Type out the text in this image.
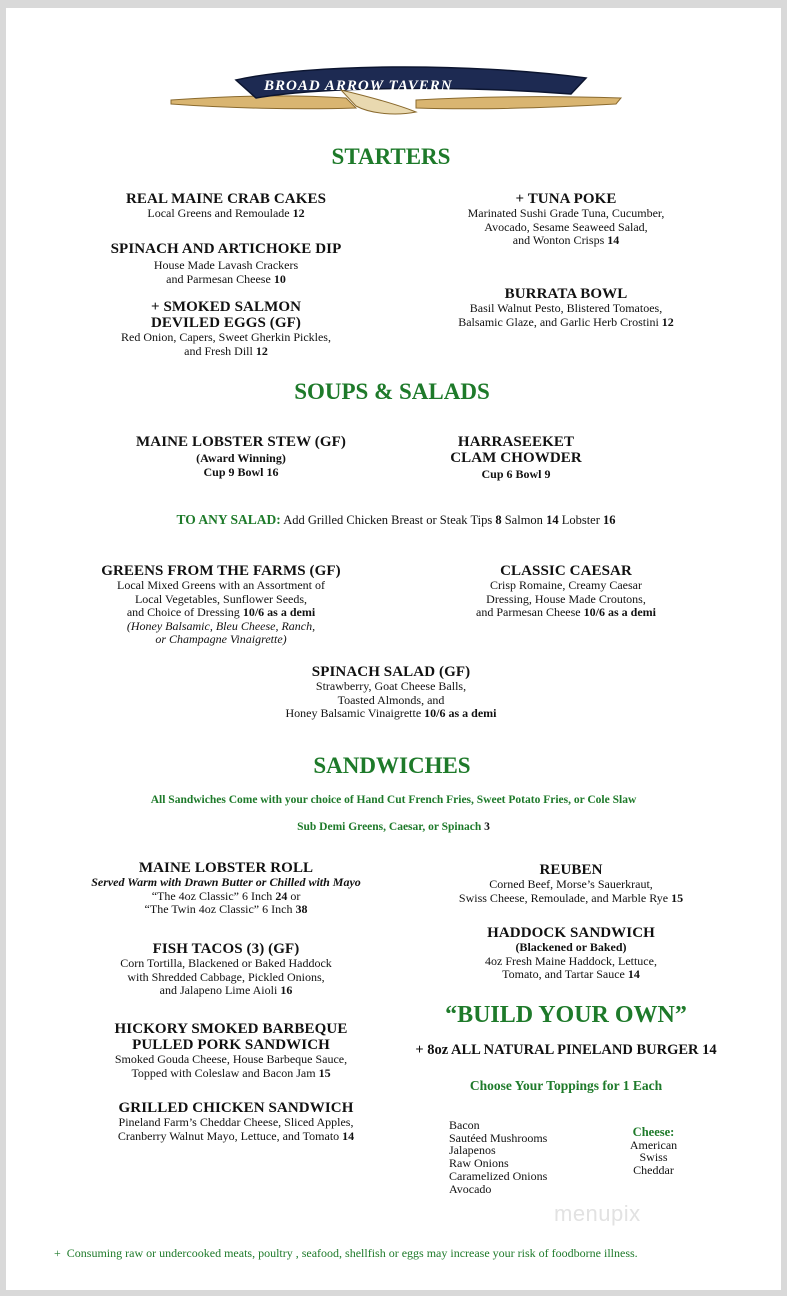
BROAD ARROW TAVERN
STARTERS
REAL MAINE CRAB CAKES
Local Greens and Remoulade 12
SPINACH AND ARTICHOKE DIP
House Made Lavash Crackers
and Parmesan Cheese 10
+ SMOKED SALMON
DEVILED EGGS (GF)
Red Onion, Capers, Sweet Gherkin Pickles,
and Fresh Dill 12
+ TUNA POKE
Marinated Sushi Grade Tuna, Cucumber,
Avocado, Sesame Seaweed Salad,
and Wonton Crisps 14
BURRATA BOWL
Basil Walnut Pesto, Blistered Tomatoes,
Balsamic Glaze, and Garlic Herb Crostini 12
SOUPS & SALADS
MAINE LOBSTER STEW (GF)
(Award Winning)
Cup 9 Bowl 16
HARRASEEKET
CLAM CHOWDER
Cup 6 Bowl 9
TO ANY SALAD: Add Grilled Chicken Breast or Steak Tips 8 Salmon 14 Lobster 16
GREENS FROM THE FARMS (GF)
Local Mixed Greens with an Assortment of
Local Vegetables, Sunflower Seeds,
and Choice of Dressing 10/6 as a demi
(Honey Balsamic, Bleu Cheese, Ranch,
or Champagne Vinaigrette)
CLASSIC CAESAR
Crisp Romaine, Creamy Caesar
Dressing, House Made Croutons,
and Parmesan Cheese 10/6 as a demi
SPINACH SALAD (GF)
Strawberry, Goat Cheese Balls,
Toasted Almonds, and
Honey Balsamic Vinaigrette 10/6 as a demi
SANDWICHES
All Sandwiches Come with your choice of Hand Cut French Fries, Sweet Potato Fries, or Cole Slaw
Sub Demi Greens, Caesar, or Spinach 3
MAINE LOBSTER ROLL
Served Warm with Drawn Butter or Chilled with Mayo
“The 4oz Classic” 6 Inch 24 or
“The Twin 4oz Classic” 6 Inch 38
FISH TACOS (3) (GF)
Corn Tortilla, Blackened or Baked Haddock
with Shredded Cabbage, Pickled Onions,
and Jalapeno Lime Aioli 16
HICKORY SMOKED BARBEQUE
PULLED PORK SANDWICH
Smoked Gouda Cheese, House Barbeque Sauce,
Topped with Coleslaw and Bacon Jam 15
GRILLED CHICKEN SANDWICH
Pineland Farm’s Cheddar Cheese, Sliced Apples,
Cranberry Walnut Mayo, Lettuce, and Tomato 14
REUBEN
Corned Beef, Morse’s Sauerkraut,
Swiss Cheese, Remoulade, and Marble Rye 15
HADDOCK SANDWICH
(Blackened or Baked)
4oz Fresh Maine Haddock, Lettuce,
Tomato, and Tartar Sauce 14
“BUILD YOUR OWN”
+ 8oz ALL NATURAL PINELAND BURGER 14
Choose Your Toppings for 1 Each
Bacon
Sautéed Mushrooms
Jalapenos
Raw Onions
Caramelized Onions
Avocado
Cheese:
American
Swiss
Cheddar
menupix
+ Consuming raw or undercooked meats, poultry , seafood, shellfish or eggs may increase your risk of foodborne illness.
